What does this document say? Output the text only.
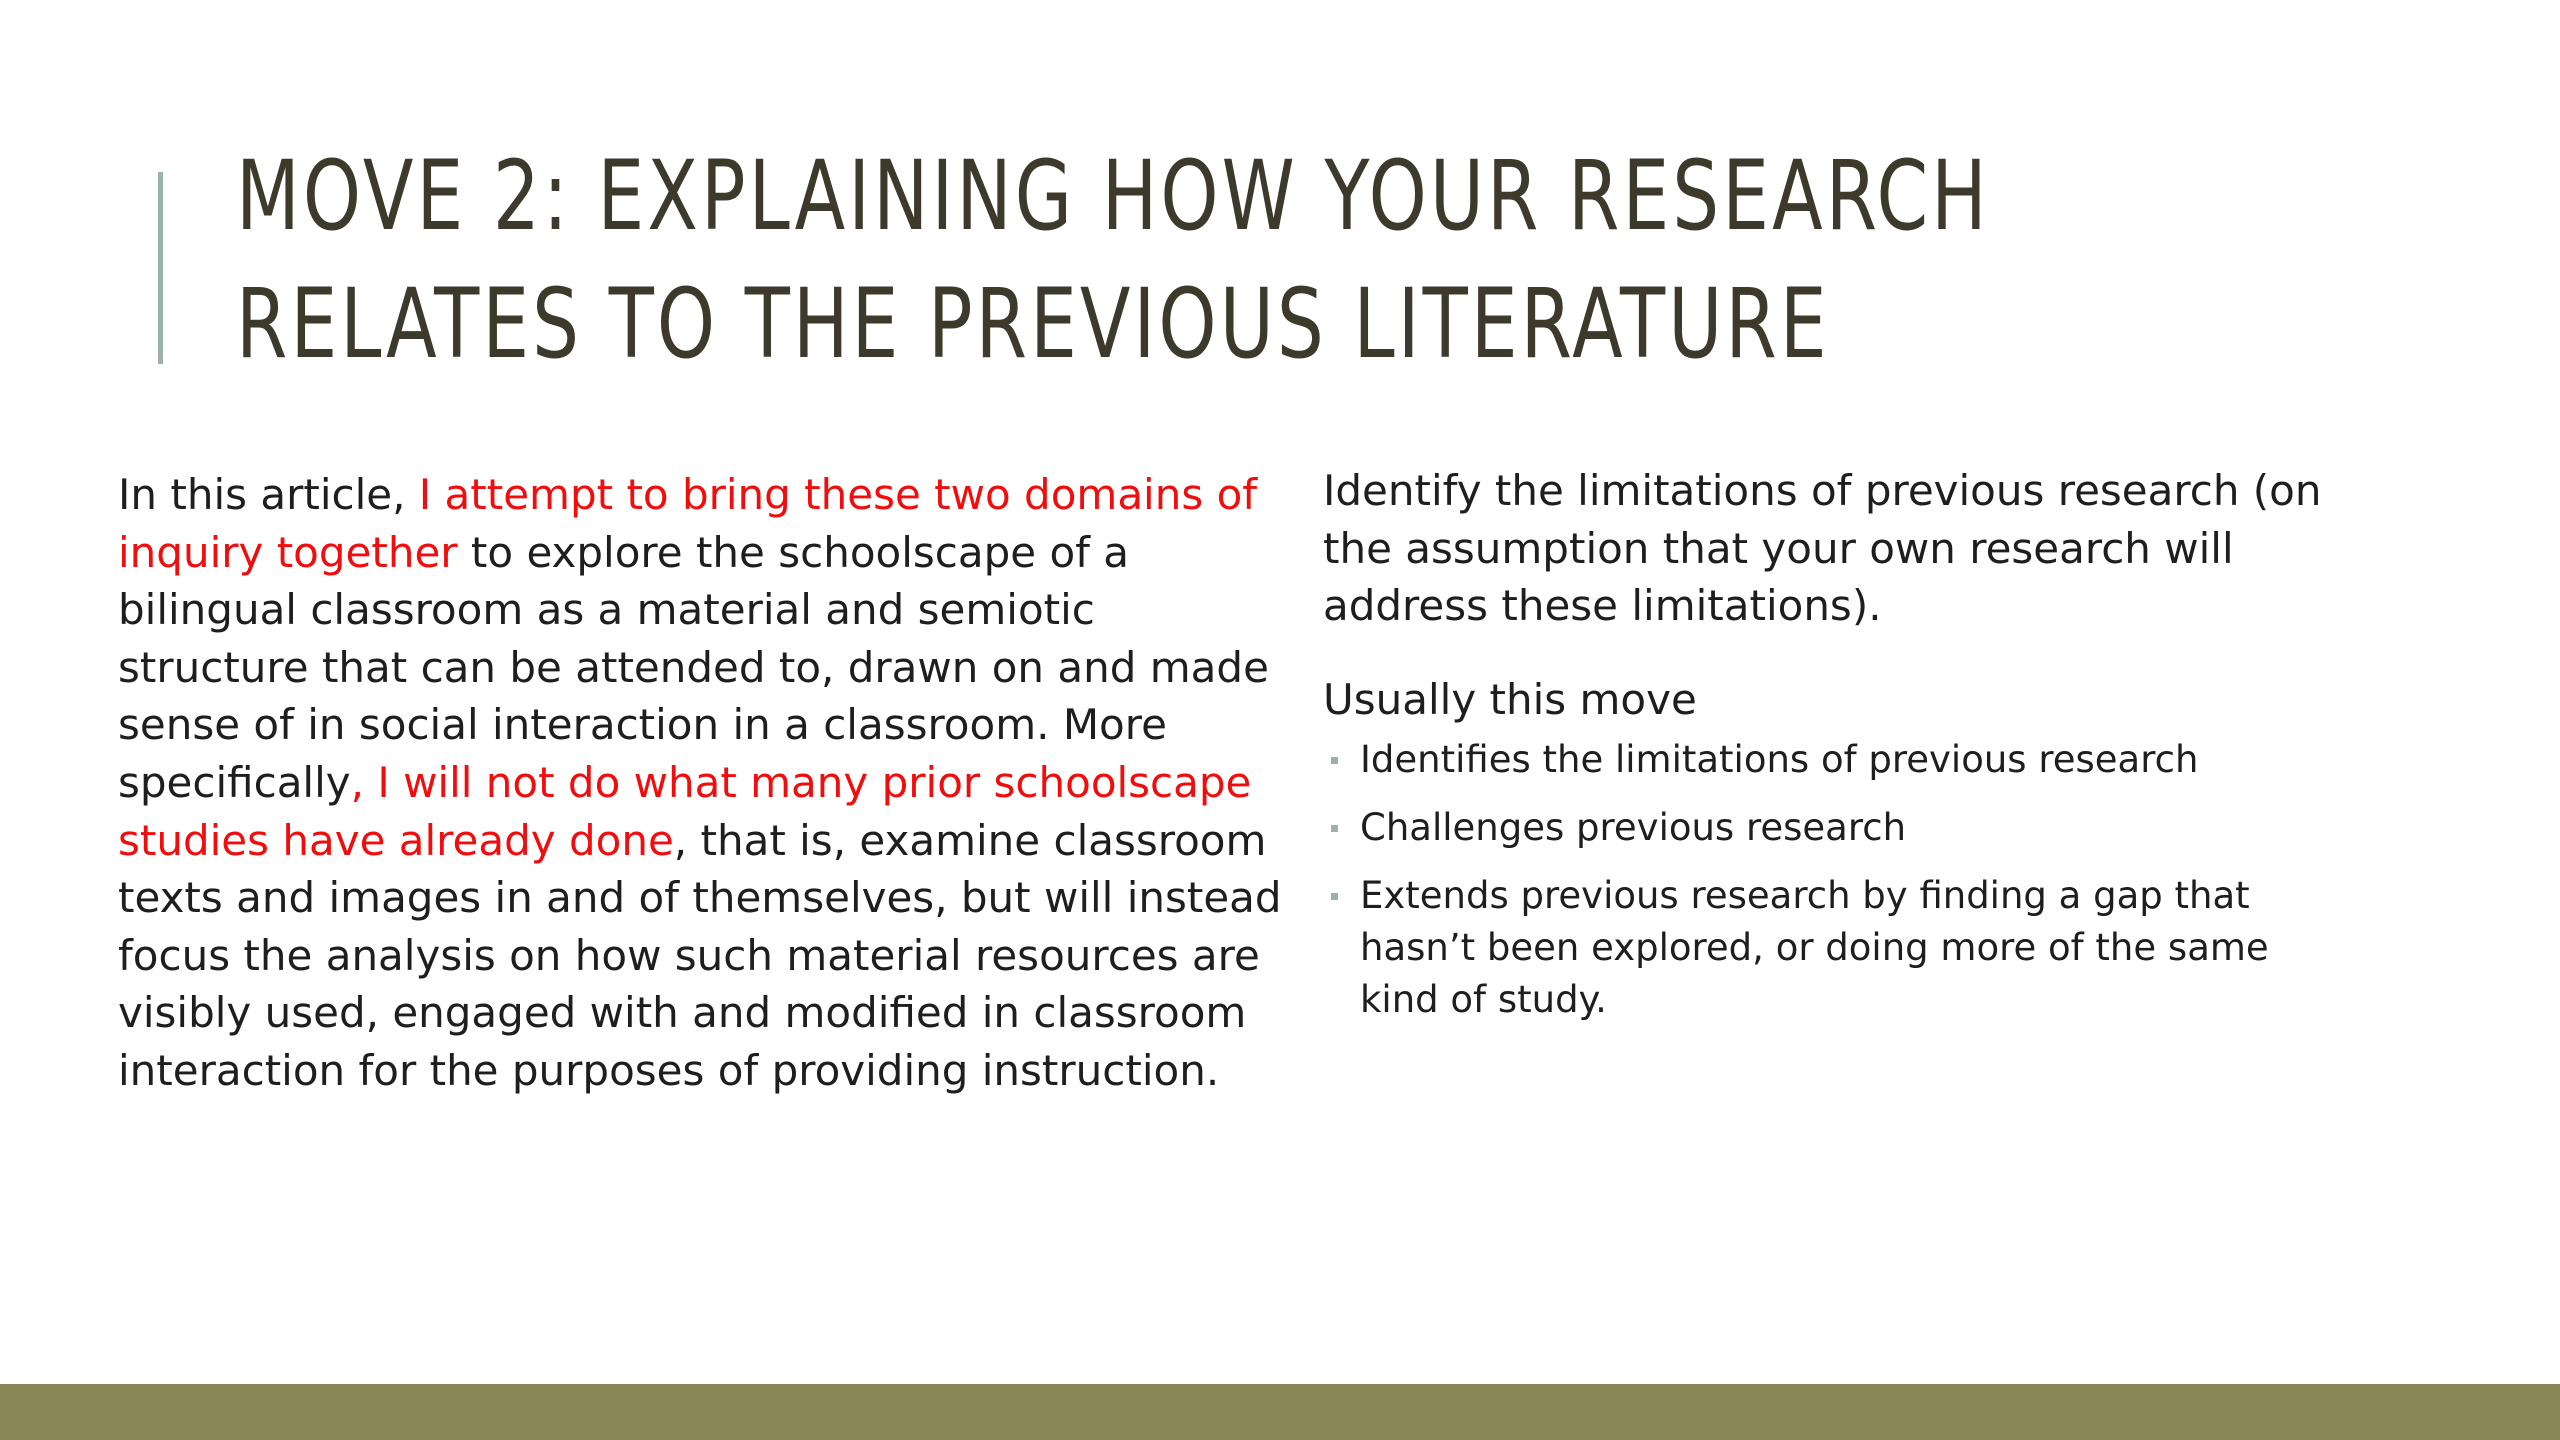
MOVE 2: EXPLAINING HOW YOUR RESEARCH
RELATES TO THE PREVIOUS LITERATURE

In this article, I attempt to bring these two domains of inquiry together to explore the schoolscape of a bilingual classroom as a material and semiotic structure that can be attended to, drawn on and made sense of in social interaction in a classroom. More specifically, I will not do what many prior schoolscape studies have already done, that is, examine classroom texts and images in and of themselves, but will instead focus the analysis on how such material resources are visibly used, engaged with and modified in classroom interaction for the purposes of providing instruction.

Identify the limitations of previous research (on the assumption that your own research will address these limitations).

Usually this move

Identifies the limitations of previous research
Challenges previous research
Extends previous research by finding a gap that hasn’t been explored, or doing more of the same kind of study.
